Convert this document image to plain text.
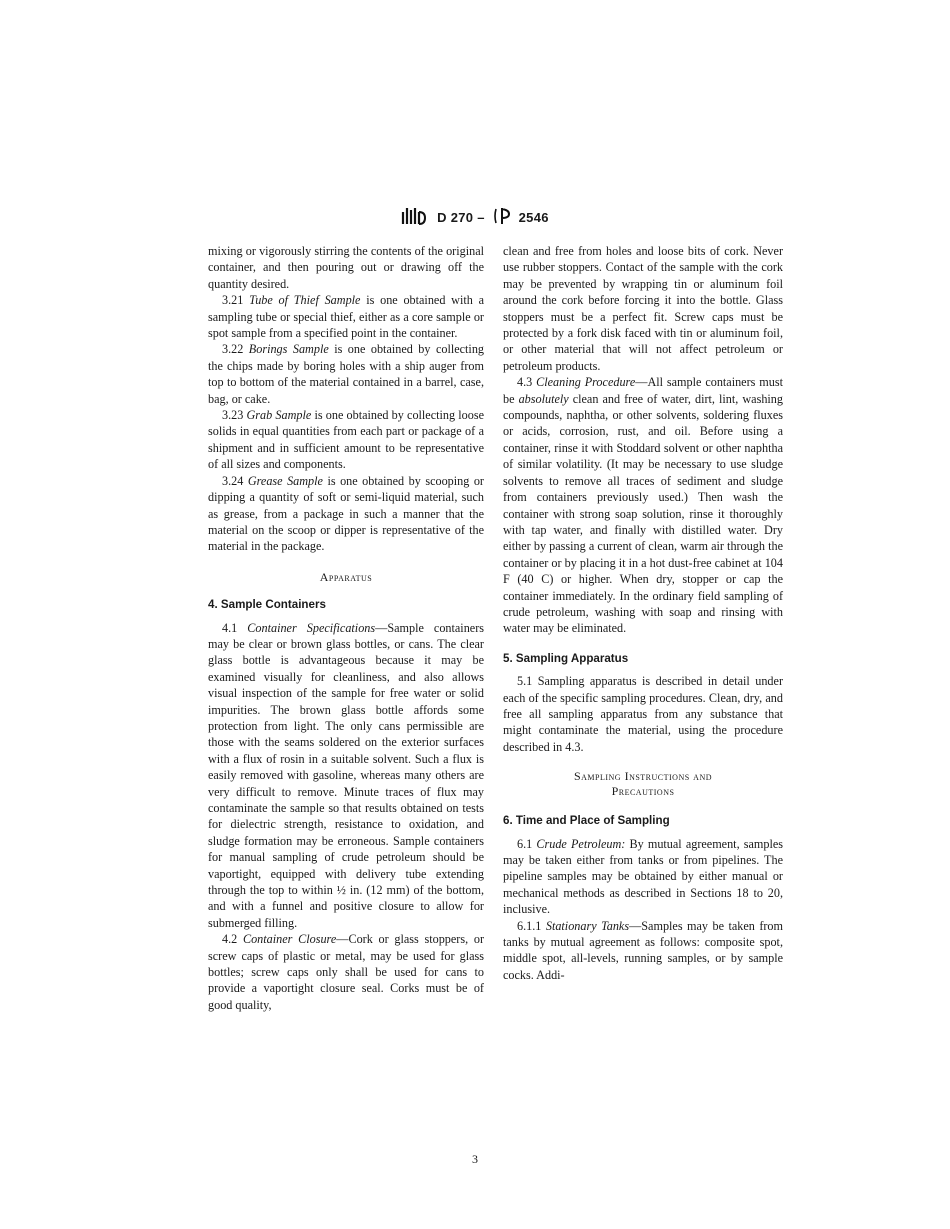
D 270 –	2546

mixing or vigorously stirring the contents of the original container, and then pouring out or drawing off the quantity desired.

3.21 Tube of Thief Sample is one obtained with a sampling tube or special thief, either as a core sample or spot sample from a specified point in the container.

3.22 Borings Sample is one obtained by collecting the chips made by boring holes with a ship auger from top to bottom of the material contained in a barrel, case, bag, or cake.

3.23 Grab Sample is one obtained by collecting loose solids in equal quantities from each part or package of a shipment and in sufficient amount to be representative of all sizes and components.

3.24 Grease Sample is one obtained by scooping or dipping a quantity of soft or semi-liquid material, such as grease, from a package in such a manner that the material on the scoop or dipper is representative of the material in the package.

Apparatus
4. Sample Containers

4.1 Container Specifications—Sample containers may be clear or brown glass bottles, or cans. The clear glass bottle is advantageous because it may be examined visually for cleanliness, and also allows visual inspection of the sample for free water or solid impurities. The brown glass bottle affords some protection from light. The only cans permissible are those with the seams soldered on the exterior surfaces with a flux of rosin in a suitable solvent. Such a flux is easily removed with gasoline, whereas many others are very difficult to remove. Minute traces of flux may contaminate the sample so that results obtained on tests for dielectric strength, resistance to oxidation, and sludge formation may be erroneous. Sample containers for manual sampling of crude petroleum should be vaportight, equipped with delivery tube extending through the top to within ½ in. (12 mm) of the bottom, and with a funnel and positive closure to allow for submerged filling.

4.2 Container Closure—Cork or glass stoppers, or screw caps of plastic or metal, may be used for glass bottles; screw caps only shall be used for cans to provide a vaportight closure seal. Corks must be of good quality,

clean and free from holes and loose bits of cork. Never use rubber stoppers. Contact of the sample with the cork may be prevented by wrapping tin or aluminum foil around the cork before forcing it into the bottle. Glass stoppers must be a perfect fit. Screw caps must be protected by a fork disk faced with tin or aluminum foil, or other material that will not affect petroleum or petroleum products.

4.3 Cleaning Procedure—All sample containers must be absolutely clean and free of water, dirt, lint, washing compounds, naphtha, or other solvents, soldering fluxes or acids, corrosion, rust, and oil. Before using a container, rinse it with Stoddard solvent or other naphtha of similar volatility. (It may be necessary to use sludge solvents to remove all traces of sediment and sludge from containers previously used.) Then wash the container with strong soap solution, rinse it thoroughly with tap water, and finally with distilled water. Dry either by passing a current of clean, warm air through the container or by placing it in a hot dust-free cabinet at 104 F (40 C) or higher. When dry, stopper or cap the container immediately. In the ordinary field sampling of crude petroleum, washing with soap and rinsing with water may be eliminated.

5. Sampling Apparatus

5.1 Sampling apparatus is described in detail under each of the specific sampling procedures. Clean, dry, and free all sampling apparatus from any substance that might contaminate the material, using the procedure described in 4.3.

Sampling Instructions and
Precautions
6. Time and Place of Sampling

6.1 Crude Petroleum: By mutual agreement, samples may be taken either from tanks or from pipelines. The pipeline samples may be obtained by either manual or mechanical methods as described in Sections 18 to 20, inclusive.

6.1.1 Stationary Tanks—Samples may be taken from tanks by mutual agreement as follows: composite spot, middle spot, all-levels, running samples, or by sample cocks. Addi-

3
